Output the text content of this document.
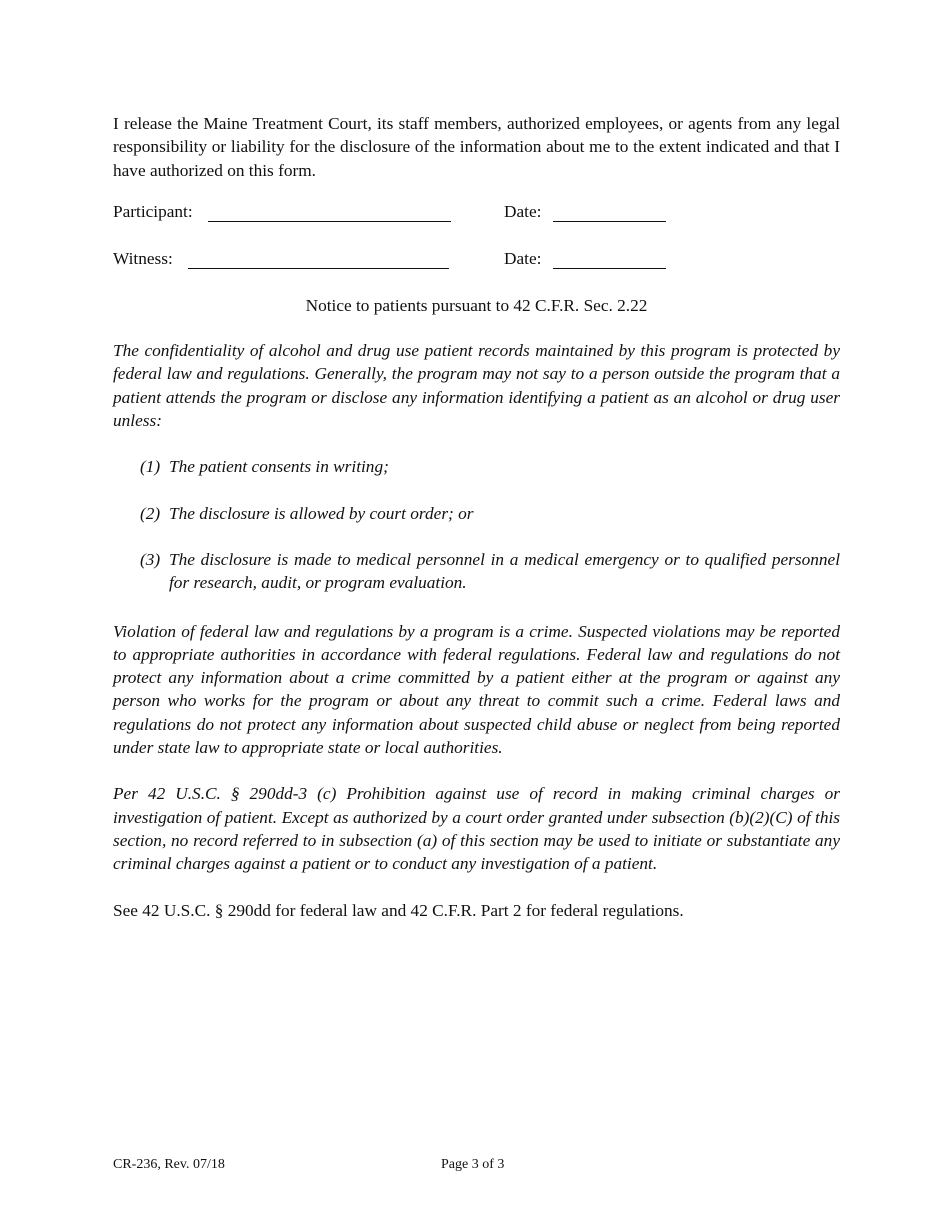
I release the Maine Treatment Court, its staff members, authorized employees, or agents from any legal responsibility or liability for the disclosure of the information about me to the extent indicated and that I have authorized on this form.

Participant:	Date:
Witness:	Date:

Notice to patients pursuant to 42 C.F.R. Sec. 2.22

The confidentiality of alcohol and drug use patient records maintained by this program is protected by federal law and regulations. Generally, the program may not say to a person outside the program that a patient attends the program or disclose any information identifying a patient as an alcohol or drug user unless:

(1) The patient consents in writing;
(2) The disclosure is allowed by court order; or
(3) The disclosure is made to medical personnel in a medical emergency or to qualified personnel for research, audit, or program evaluation.

Violation of federal law and regulations by a program is a crime. Suspected violations may be reported to appropriate authorities in accordance with federal regulations. Federal law and regulations do not protect any information about a crime committed by a patient either at the program or against any person who works for the program or about any threat to commit such a crime. Federal laws and regulations do not protect any information about suspected child abuse or neglect from being reported under state law to appropriate state or local authorities.

Per 42 U.S.C. § 290dd-3 (c) Prohibition against use of record in making criminal charges or investigation of patient. Except as authorized by a court order granted under subsection (b)(2)(C) of this section, no record referred to in subsection (a) of this section may be used to initiate or substantiate any criminal charges against a patient or to conduct any investigation of a patient.

See 42 U.S.C. § 290dd for federal law and 42 C.F.R. Part 2 for federal regulations.

CR-236, Rev. 07/18	Page 3 of 3
